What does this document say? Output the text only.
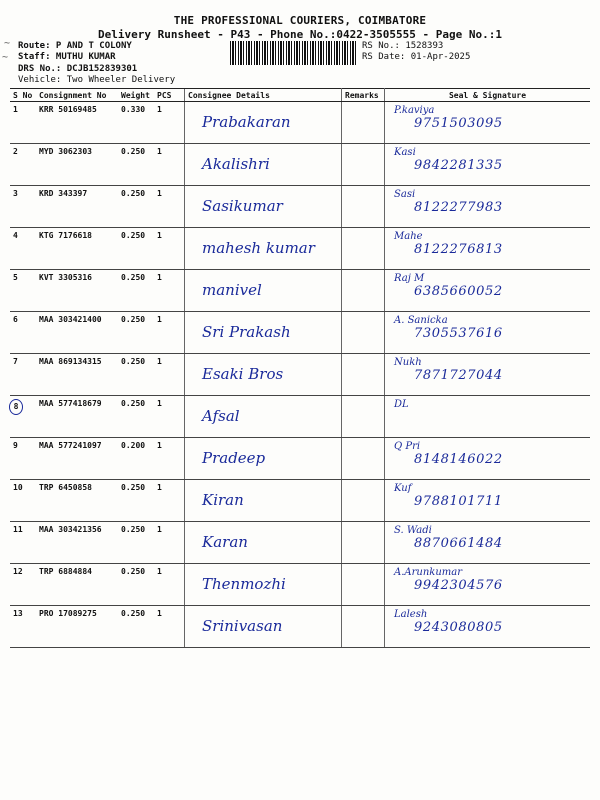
THE PROFESSIONAL COURIERS, COIMBATORE
Delivery Runsheet - P43 - Phone No.:0422-3505555 - Page No.:1
Route: P AND T COLONY
Staff: MUTHU KUMAR
DRS No.: DCJB152839301
Vehicle: Two Wheeler Delivery
RS No.: 1528393
RS Date: 01-Apr-2025
~
~
S No	Consignment No	Weight	PCS	Consignee Details	Remarks	Seal & Signature
1	KRR 50169485	0.330	1	Prabakaran		P.kaviya
9751503095

2	MYD 3062303	0.250	1	Akalishri		Kasi
9842281335

3	KRD 343397	0.250	1	Sasikumar		Sasi
8122277983

4	KTG 7176618	0.250	1	mahesh kumar		Mahe
8122276813

5	KVT 3305316	0.250	1	manivel		Raj M
6385660052

6	MAA 303421400	0.250	1	Sri Prakash		A. Sanicka
7305537616

7	MAA 869134315	0.250	1	Esaki Bros		Nukh
7871727044

8	MAA 577418679	0.250	1	Afsal		DL

9	MAA 577241097	0.200	1	Pradeep		Q Pri
8148146022

10	TRP 6450858	0.250	1	Kiran		Kuf
9788101711

11	MAA 303421356	0.250	1	Karan		S. Wadi
8870661484

12	TRP 6884884	0.250	1	Thenmozhi		A.Arunkumar
9942304576

13	PRO 17089275	0.250	1	Srinivasan		Lalesh
9243080805
